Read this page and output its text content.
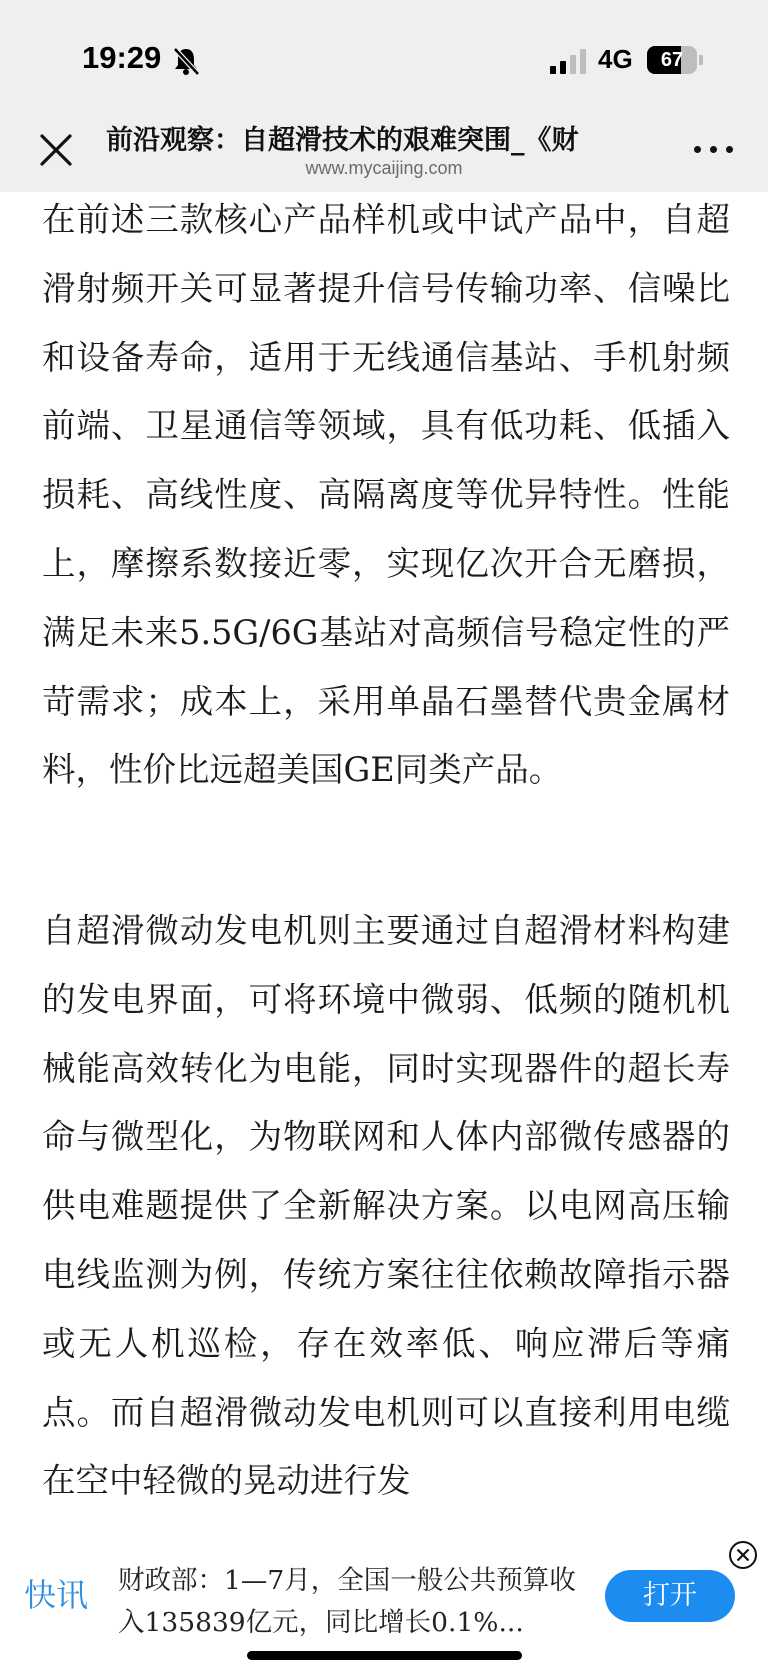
19:29	4G	67
前沿观察：自超滑技术的艰难突围_《财
www.mycaijing.com

在前述三款核心产品样机或中试产品中，自超滑射频开关可显著提升信号传输功率、信噪比和设备寿命，适用于无线通信基站、手机射频前端、卫星通信等领域，具有低功耗、低插入损耗、高线性度、高隔离度等优异特性。性能上，摩擦系数接近零，实现亿次开合无磨损，满足未来5.5G/6G基站对高频信号稳定性的严苛需求；成本上，采用单晶石墨替代贵金属材料，性价比远超美国GE同类产品。

自超滑微动发电机则主要通过自超滑材料构建的发电界面，可将环境中微弱、低频的随机机械能高效转化为电能，同时实现器件的超长寿命与微型化，为物联网和人体内部微传感器的供电难题提供了全新解决方案。以电网高压输电线监测为例，传统方案往往依赖故障指示器或无人机巡检，存在效率低、响应滞后等痛点。而自超滑微动发电机则可以直接利用电缆在空中轻微的晃动进行发

快讯 财政部：1—7月，全国一般公共预算收入135839亿元，同比增长0.1%...
打开
